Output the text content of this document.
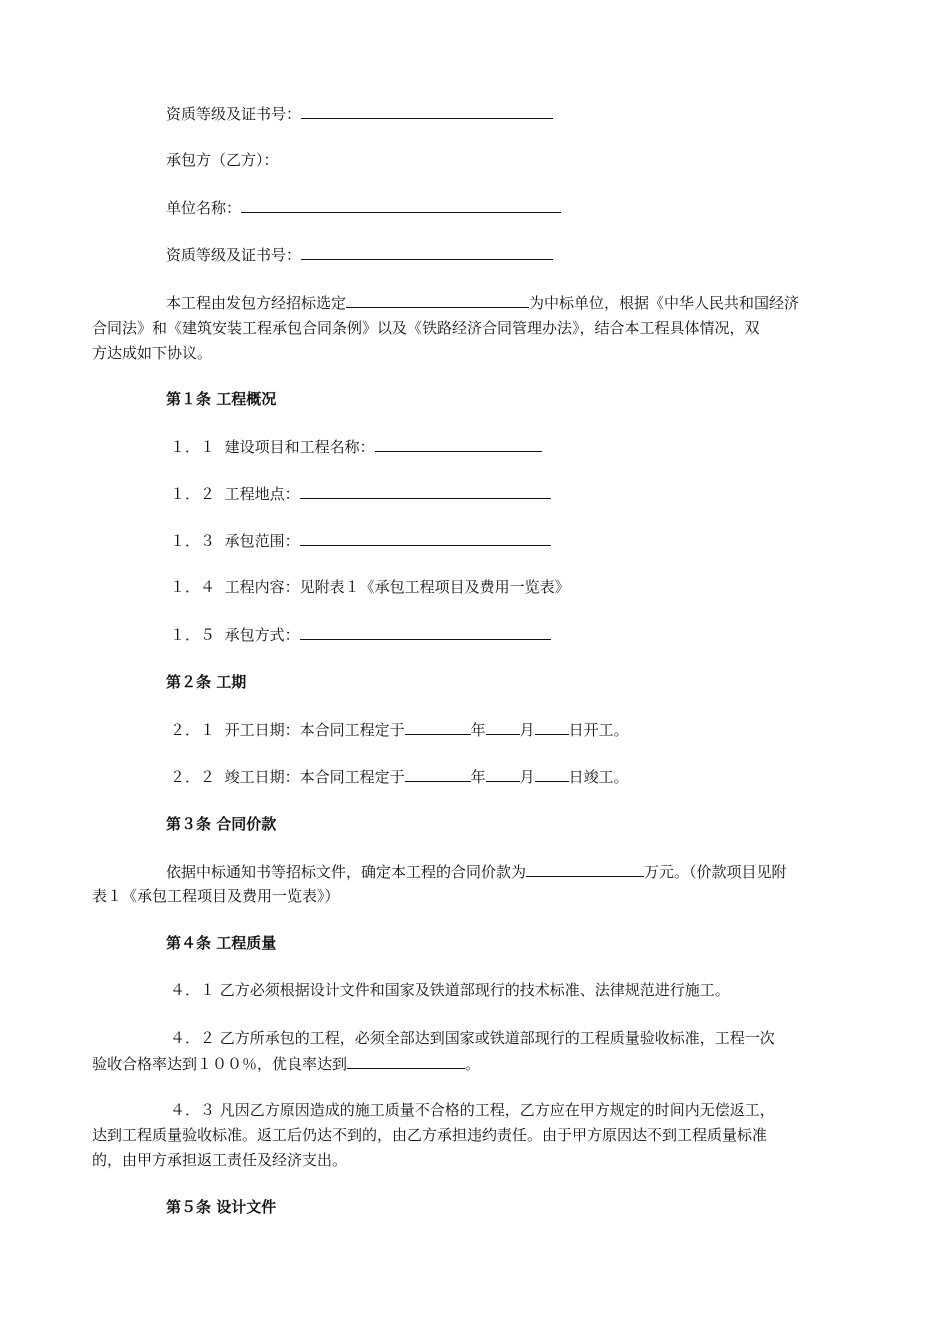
资质等级及证书号：
承包方（乙方）：
单位名称：
资质等级及证书号：
本工程由发包方经招标选定	为中标单位，根据《中华人民共和国经济
合同法》和《建筑安装工程承包合同条例》以及《铁路经济合同管理办法》，结合本工程具体情况，双
方达成如下协议。
第１条 工程概况
１．１ 建设项目和工程名称：
１．２ 工程地点：
１．３ 承包范围：
１．４ 工程内容：见附表１《承包工程项目及费用一览表》
１．５ 承包方式：
第２条 工期
２．１ 开工日期：本合同工程定于	年 月 日开工。
２．２ 竣工日期：本合同工程定于	年 月 日竣工。
第３条 合同价款
依据中标通知书等招标文件，确定本工程的合同价款为	万元。（价款项目见附
表１《承包工程项目及费用一览表》）
第４条 工程质量
４．１ 乙方必须根据设计文件和国家及铁道部现行的技术标准、法律规范进行施工。
４．２ 乙方所承包的工程，必须全部达到国家或铁道部现行的工程质量验收标准，工程一次
验收合格率达到１００％，优良率达到	。
４．３ 凡因乙方原因造成的施工质量不合格的工程，乙方应在甲方规定的时间内无偿返工，
达到工程质量验收标准。返工后仍达不到的，由乙方承担违约责任。由于甲方原因达不到工程质量标准
的，由甲方承担返工责任及经济支出。
第５条 设计文件
